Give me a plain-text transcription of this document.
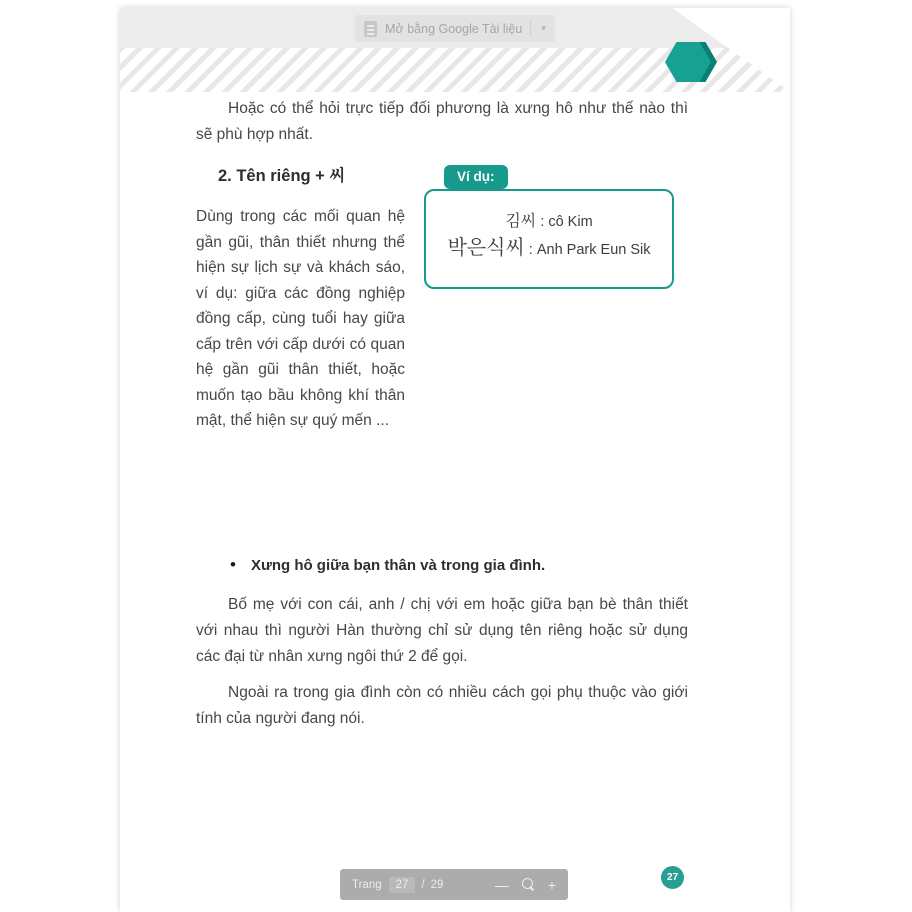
Mở bằng Google Tài liệu ▾

Hoặc có thể hỏi trực tiếp đối phương là xưng hô như thế nào thì sẽ phù hợp nhất.

2. Tên riêng + 씨	Ví dụ:
김씨 : cô Kim
박은식씨 : Anh Park Eun Sik

Dùng trong các mối quan hệ gần gũi, thân thiết nhưng thể hiện sự lịch sự và khách sáo, ví dụ: giữa các đồng nghiệp đồng cấp, cùng tuổi hay giữa cấp trên với cấp dưới có quan hệ gần gũi thân thiết, hoặc muốn tạo bầu không khí thân mật, thể hiện sự quý mến ...

• Xưng hô giữa bạn thân và trong gia đình.

Bố mẹ với con cái, anh / chị với em hoặc giữa bạn bè thân thiết với nhau thì người Hàn thường chỉ sử dụng tên riêng hoặc sử dụng các đại từ nhân xưng ngôi thứ 2 để gọi.

Ngoài ra trong gia đình còn có nhiều cách gọi phụ thuộc vào giới tính của người đang nói.

Trang	27	/ 29	—	+	27
